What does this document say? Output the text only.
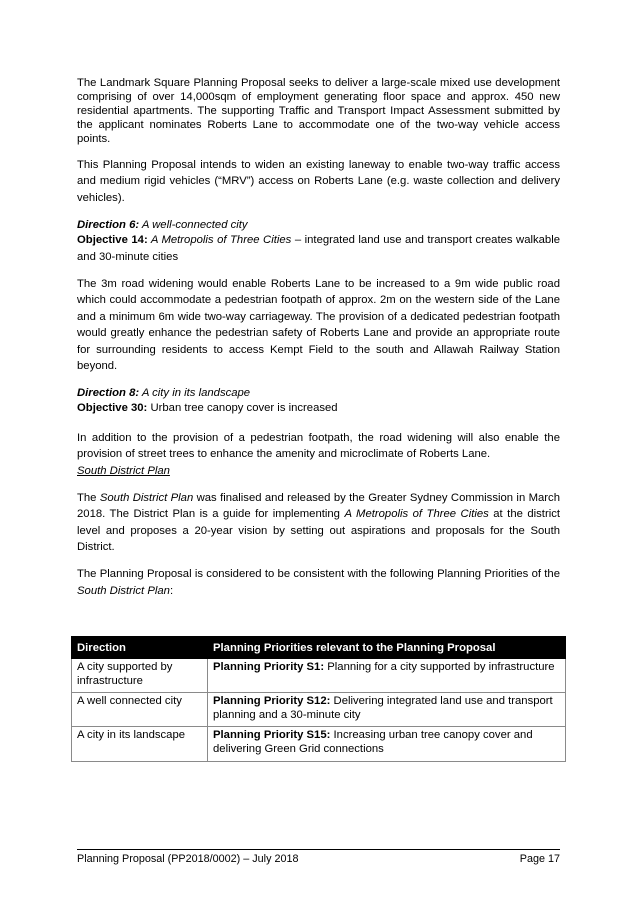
The Landmark Square Planning Proposal seeks to deliver a large-scale mixed use development comprising of over 14,000sqm of employment generating floor space and approx. 450 new residential apartments. The supporting Traffic and Transport Impact Assessment submitted by the applicant nominates Roberts Lane to accommodate one of the two-way vehicle access points.

This Planning Proposal intends to widen an existing laneway to enable two-way traffic access and medium rigid vehicles (“MRV”) access on Roberts Lane (e.g. waste collection and delivery vehicles).

Direction 6: A well-connected city

Objective 14: A Metropolis of Three Cities – integrated land use and transport creates walkable and 30-minute cities

The 3m road widening would enable Roberts Lane to be increased to a 9m wide public road which could accommodate a pedestrian footpath of approx. 2m on the western side of the Lane and a minimum 6m wide two-way carriageway. The provision of a dedicated pedestrian footpath would greatly enhance the pedestrian safety of Roberts Lane and provide an appropriate route for surrounding residents to access Kempt Field to the south and Allawah Railway Station beyond.

Direction 8: A city in its landscape

Objective 30: Urban tree canopy cover is increased

In addition to the provision of a pedestrian footpath, the road widening will also enable the provision of street trees to enhance the amenity and microclimate of Roberts Lane.

South District Plan

The South District Plan was finalised and released by the Greater Sydney Commission in March 2018. The District Plan is a guide for implementing A Metropolis of Three Cities at the district level and proposes a 20-year vision by setting out aspirations and proposals for the South District.

The Planning Proposal is considered to be consistent with the following Planning Priorities of the South District Plan:

Direction	Planning Priorities relevant to the Planning Proposal
A city supported by infrastructure	Planning Priority S1: Planning for a city supported by infrastructure
A well connected city	Planning Priority S12: Delivering integrated land use and transport planning and a 30-minute city
A city in its landscape	Planning Priority S15: Increasing urban tree canopy cover and delivering Green Grid connections
Planning Proposal (PP2018/0002) – July 2018	Page 17
